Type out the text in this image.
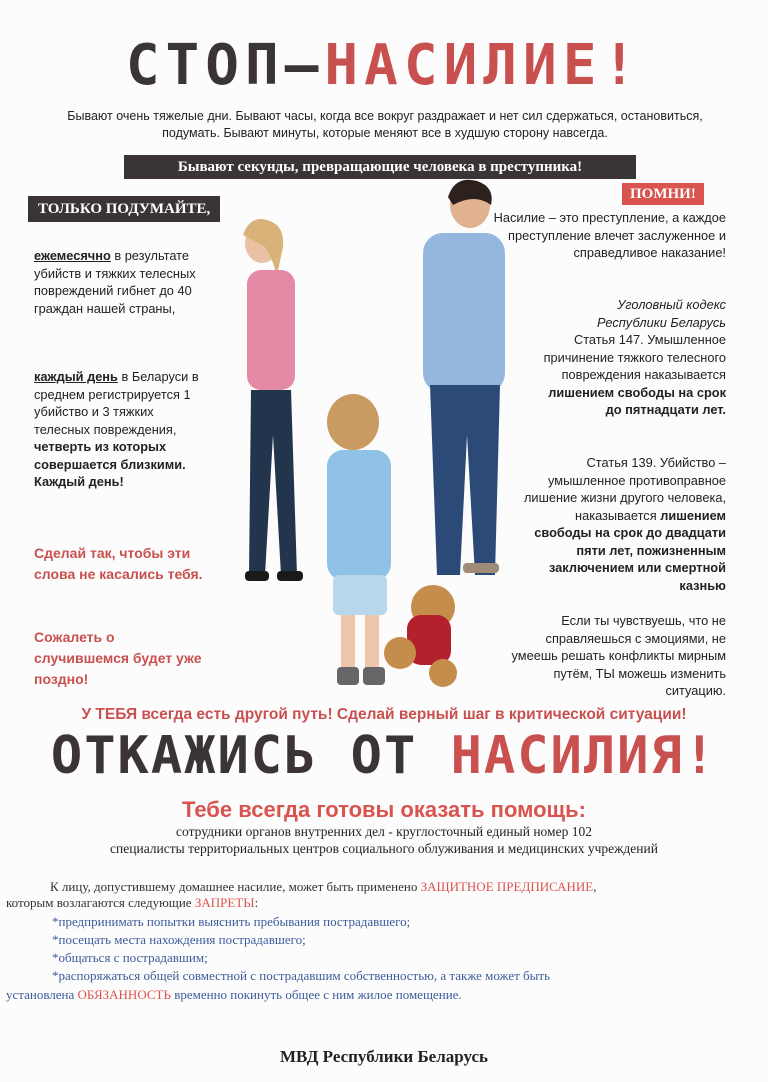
СТОП–НАСИЛИЕ!
Бывают очень тяжелые дни. Бывают часы, когда все вокруг раздражает и нет сил сдержаться, остановиться, подумать. Бывают минуты, которые меняют все в худшую сторону навсегда.
Бывают секунды, превращающие человека в преступника!
ТОЛЬКО ПОДУМАЙТЕ,
ПОМНИ!
ежемесячно в результате убийств и тяжких телесных повреждений гибнет до 40 граждан нашей страны,
каждый день в Беларуси в среднем регистрируется 1 убийство и 3 тяжких телесных повреждения, четверть из которых совершается близкими. Каждый день!
Сделай так, чтобы эти слова не касались тебя.
Сожалеть о случившемся будет уже поздно!
Насилие – это преступление, а каждое преступление влечет заслуженное и справедливое наказание!
Уголовный кодекс Республики Беларусь
Статья 147. Умышленное причинение тяжкого телесного повреждения наказывается лишением свободы на срок до пятнадцати лет.
Статья 139. Убийство – умышленное противоправное лишение жизни другого человека, наказывается лишением свободы на срок до двадцати пяти лет, пожизненным заключением или смертной казнью
Если ты чувствуешь, что не справляешься с эмоциями, не умеешь решать конфликты мирным путём, ТЫ можешь изменить ситуацию.
У ТЕБЯ всегда есть другой путь! Сделай верный шаг в критической ситуации!
ОТКАЖИСЬ ОТ НАСИЛИЯ!
Тебе всегда готовы оказать помощь:
сотрудники органов внутренних дел - круглосточный единый номер 102
специалисты территориальных центров социального облуживания и медицинских учреждений
К лицу, допустившему домашнее насилие, может быть применено ЗАЩИТНОЕ ПРЕДПИСАНИЕ,
которым возлагаются следующие ЗАПРЕТЫ:
*предпринимать попытки выяснить пребывания пострадавшего;
*посещать места нахождения пострадавшего;
*общаться с пострадавшим;
*распоряжаться общей совместной с пострадавшим собственностью, а также может быть
установлена ОБЯЗАННОСТЬ временно покинуть общее с ним жилое помещение.
МВД Республики Беларусь
